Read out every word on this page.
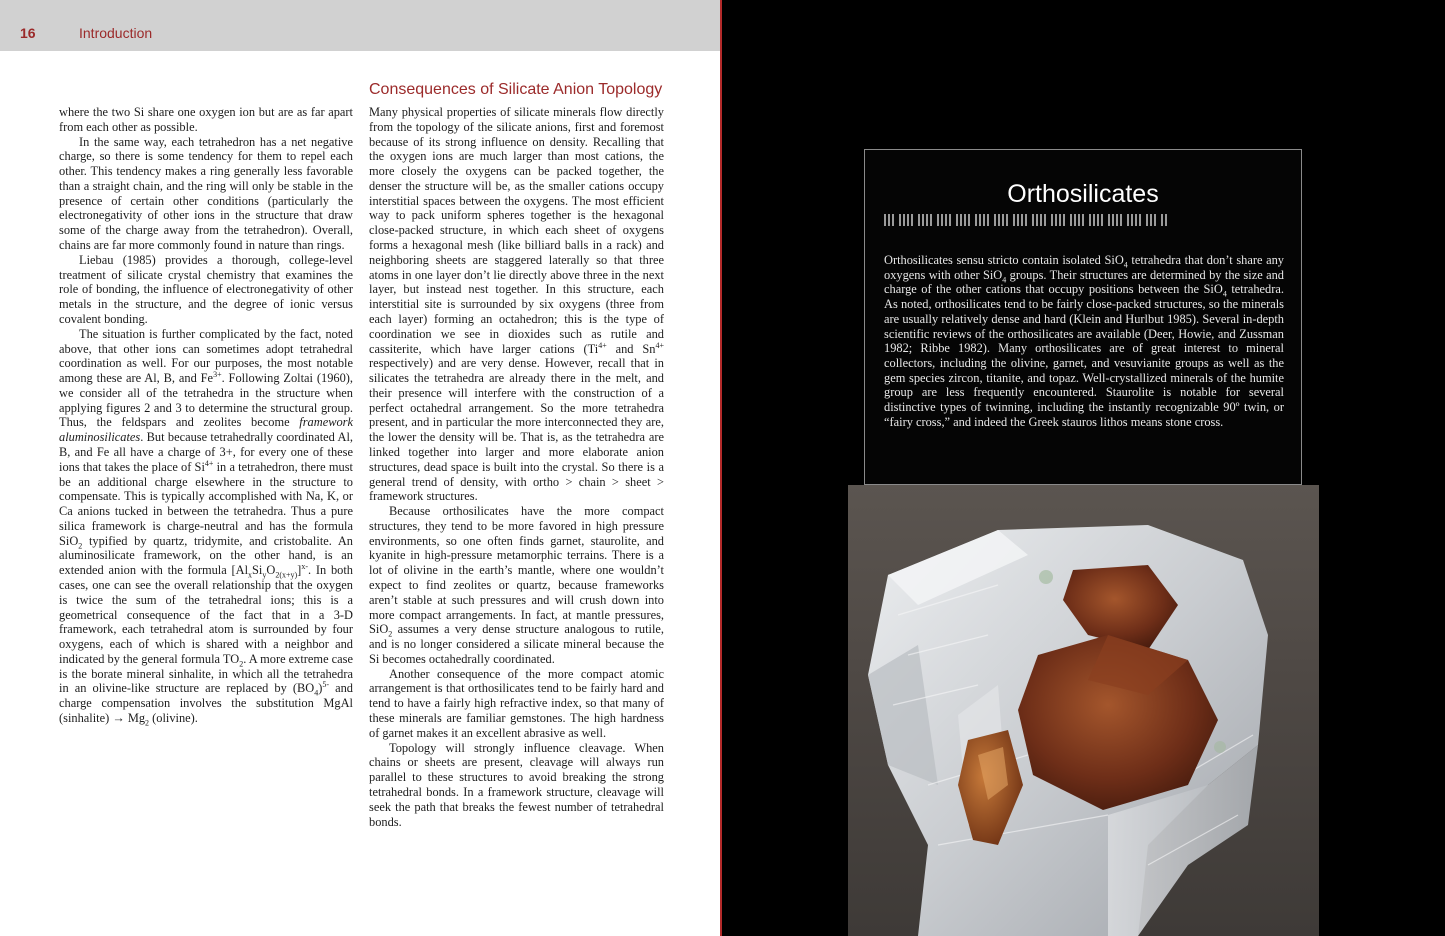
16	Introduction

where the two Si share one oxygen ion but are as far apart from each other as possible.

In the same way, each tetrahedron has a net negative charge, so there is some tendency for them to repel each other. This tendency makes a ring generally less favorable than a straight chain, and the ring will only be stable in the presence of certain other conditions (particularly the electronegativity of other ions in the structure that draw some of the charge away from the tetrahedron). Overall, chains are far more commonly found in nature than rings.

Liebau (1985) provides a thorough, college-level treatment of silicate crystal chemistry that examines the role of bonding, the influence of electronegativity of other metals in the structure, and the degree of ionic versus covalent bonding.

The situation is further complicated by the fact, noted above, that other ions can sometimes adopt tetrahedral coordination as well. For our purposes, the most notable among these are Al, B, and $Fe^{3+}$. Following Zoltai (1960), we consider all of the tetrahedra in the structure when applying figures 2 and 3 to determine the structural group. Thus, the feldspars and zeolites become framework aluminosilicates. But because tetrahedrally coordinated Al, B, and Fe all have a charge of 3+, for every one of these ions that takes the place of $Si^{4+}$ in a tetrahedron, there must be an additional charge elsewhere in the structure to compensate. This is typically accomplished with Na, K, or Ca anions tucked in between the tetrahedra. Thus a pure silica framework is charge-neutral and has the formula SiO$_2$ typified by quartz, tridymite, and cristobalite. An aluminosilicate framework, on the other hand, is an extended anion with the formula $[Al_xSi_yO_{2(x+y)}]^{x-}$. In both cases, one can see the overall relationship that the oxygen is twice the sum of the tetrahedral ions; this is a geometrical consequence of the fact that in a 3-D framework, each tetrahedral atom is surrounded by four oxygens, each of which is shared with a neighbor and indicated by the general formula $TO_2$. A more extreme case is the borate mineral sinhalite, in which all the tetrahedra in an olivine-like structure are replaced by $(BO_4)^{5-}$ and charge compensation involves the substitution MgAl (sinhalite) → $Mg_2$ (olivine).

Consequences of Silicate Anion Topology

Many physical properties of silicate minerals flow directly from the topology of the silicate anions, first and foremost because of its strong influence on density. Recalling that the oxygen ions are much larger than most cations, the more closely the oxygens can be packed together, the denser the structure will be, as the smaller cations occupy interstitial spaces between the oxygens. The most efficient way to pack uniform spheres together is the hexagonal close-packed structure, in which each sheet of oxygens forms a hexagonal mesh (like billiard balls in a rack) and neighboring sheets are staggered laterally so that three atoms in one layer don’t lie directly above three in the next layer, but instead nest together. In this structure, each interstitial site is surrounded by six oxygens (three from each layer) forming an octahedron; this is the type of coordination we see in dioxides such as rutile and cassiterite, which have larger cations ($Ti^{4+}$ and $Sn^{4+}$ respectively) and are very dense. However, recall that in silicates the tetrahedra are already there in the melt, and their presence will interfere with the construction of a perfect octahedral arrangement. So the more tetrahedra present, and in particular the more interconnected they are, the lower the density will be. That is, as the tetrahedra are linked together into larger and more elaborate anion structures, dead space is built into the crystal. So there is a general trend of density, with ortho > chain > sheet > framework structures.

Because orthosilicates have the more compact structures, they tend to be more favored in high pressure environments, so one often finds garnet, staurolite, and kyanite in high-pressure metamorphic terrains. There is a lot of olivine in the earth’s mantle, where one wouldn’t expect to find zeolites or quartz, because frameworks aren’t stable at such pressures and will crush down into more compact arrangements. In fact, at mantle pressures, SiO$_2$ assumes a very dense structure analogous to rutile, and is no longer considered a silicate mineral because the Si becomes octahedrally coordinated.

Another consequence of the more compact atomic arrangement is that orthosilicates tend to be fairly hard and tend to have a fairly high refractive index, so that many of these minerals are familiar gemstones. The high hardness of garnet makes it an excellent abrasive as well.

Topology will strongly influence cleavage. When chains or sheets are present, cleavage will always run parallel to these structures to avoid breaking the strong tetrahedral bonds. In a framework structure, cleavage will seek the path that breaks the fewest number of tetrahedral bonds.

Orthosilicates
Orthosilicates sensu stricto contain isolated SiO$_4$ tetrahedra that don’t share any oxygens with other SiO$_4$ groups. Their structures are determined by the size and charge of the other cations that occupy positions between the SiO$_4$ tetrahedra. As noted, orthosilicates tend to be fairly close-packed structures, so the minerals are usually relatively dense and hard (Klein and Hurlbut 1985). Several in-depth scientific reviews of the orthosilicates are available (Deer, Howie, and Zussman 1982; Ribbe 1982). Many orthosilicates are of great interest to mineral collectors, including the olivine, garnet, and vesuvianite groups as well as the gem species zircon, titanite, and topaz. Well-crystallized minerals of the humite group are less frequently encountered. Staurolite is notable for several distinctive types of twinning, including the instantly recognizable 90º twin, or “fairy cross,” and indeed the Greek stauros lithos means stone cross.
